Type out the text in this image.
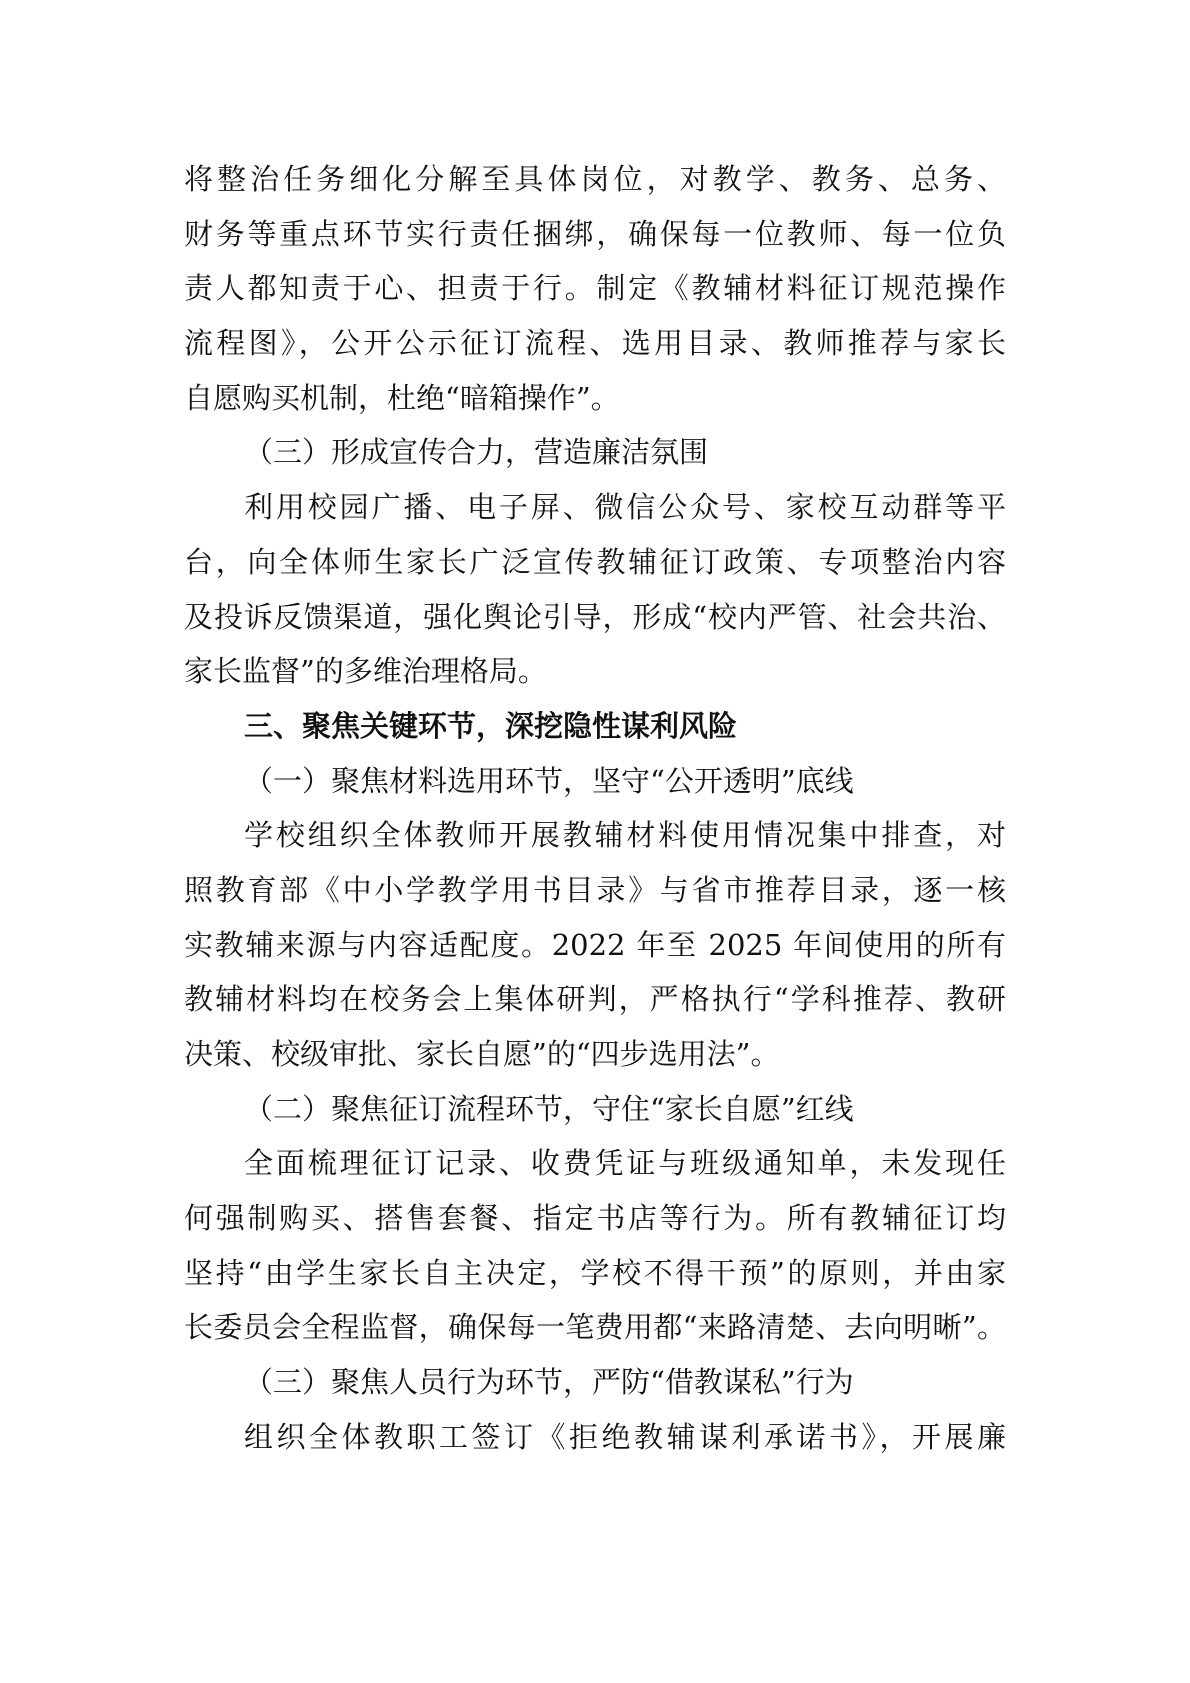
将整治任务细化分解至具体岗位，对教学、教务、总务、
财务等重点环节实行责任捆绑，确保每一位教师、每一位负
责人都知责于心、担责于行。制定《教辅材料征订规范操作
流程图》，公开公示征订流程、选用目录、教师推荐与家长
自愿购买机制，杜绝“暗箱操作”。
（三）形成宣传合力，营造廉洁氛围
利用校园广播、电子屏、微信公众号、家校互动群等平
台，向全体师生家长广泛宣传教辅征订政策、专项整治内容
及投诉反馈渠道，强化舆论引导，形成“校内严管、社会共治、
家长监督”的多维治理格局。
三、聚焦关键环节，深挖隐性谋利风险
（一）聚焦材料选用环节，坚守“公开透明”底线
学校组织全体教师开展教辅材料使用情况集中排查，对
照教育部《中小学教学用书目录》与省市推荐目录，逐一核
实教辅来源与内容适配度。2022 年至 2025 年间使用的所有
教辅材料均在校务会上集体研判，严格执行“学科推荐、教研
决策、校级审批、家长自愿”的“四步选用法”。
（二）聚焦征订流程环节，守住“家长自愿”红线
全面梳理征订记录、收费凭证与班级通知单，未发现任
何强制购买、搭售套餐、指定书店等行为。所有教辅征订均
坚持“由学生家长自主决定，学校不得干预”的原则，并由家
长委员会全程监督，确保每一笔费用都“来路清楚、去向明晰”。
（三）聚焦人员行为环节，严防“借教谋私”行为
组织全体教职工签订《拒绝教辅谋利承诺书》，开展廉
